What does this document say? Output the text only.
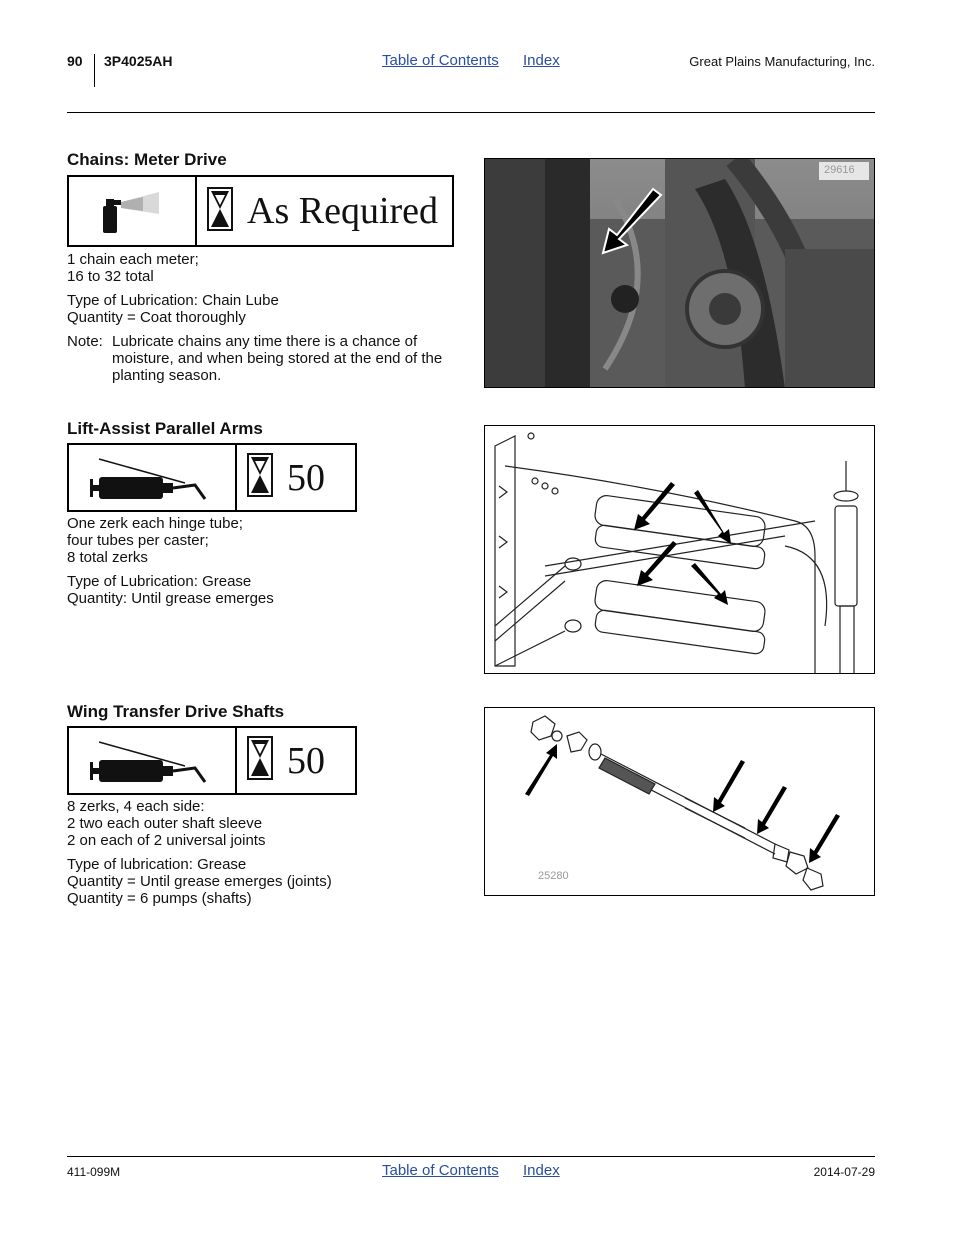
90 3P4025AH	Table of Contents Index	Great Plains Manufacturing, Inc.
Chains: Meter Drive
As Required

1 chain each meter;
16 to 32 total

Type of Lubrication: Chain Lube
Quantity = Coat thoroughly

Note: Lubricate chains any time there is a chance of moisture, and when being stored at the end of the planting season.
29616
Lift-Assist Parallel Arms
50

One zerk each hinge tube;
four tubes per caster;
8 total zerks

Type of Lubrication: Grease
Quantity: Until grease emerges

Wing Transfer Drive Shafts
50

8 zerks, 4 each side:
2 two each outer shaft sleeve
2 on each of 2 universal joints

Type of lubrication: Grease
Quantity = Until grease emerges (joints)
Quantity = 6 pumps (shafts)

25280
411-099M	Table of Contents Index	2014-07-29
